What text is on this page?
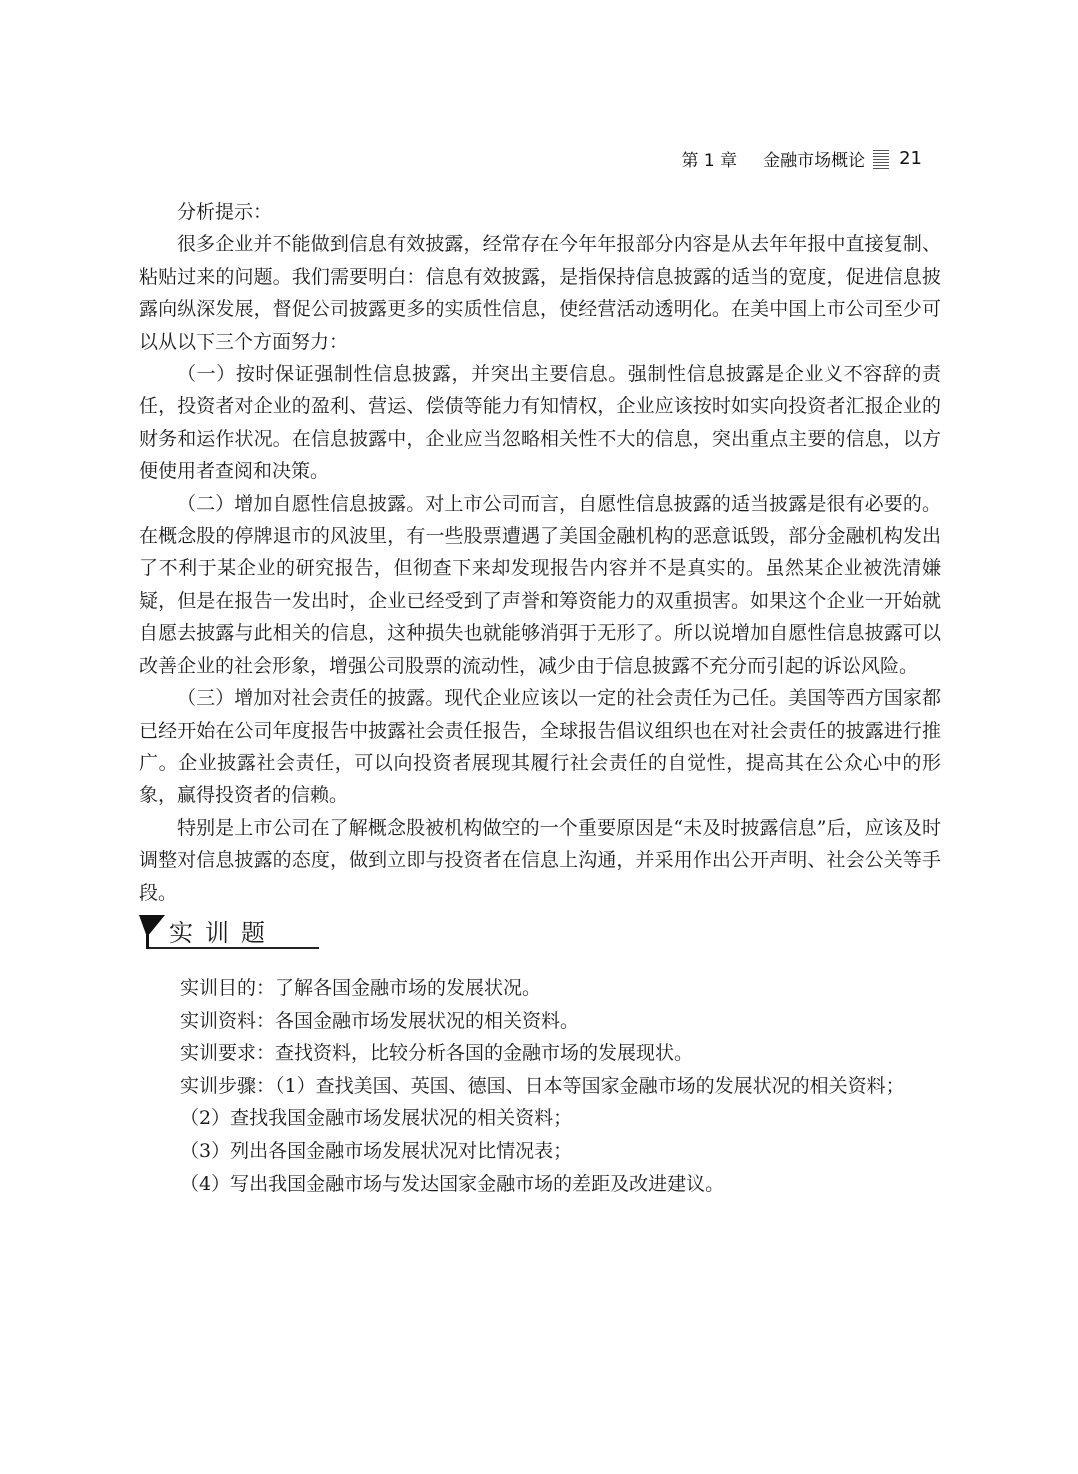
第 1 章 金融市场概论 21

分析提示：

很多企业并不能做到信息有效披露，经常存在今年年报部分内容是从去年年报中直接复制、粘贴过来的问题。我们需要明白：信息有效披露，是指保持信息披露的适当的宽度，促进信息披露向纵深发展，督促公司披露更多的实质性信息，使经营活动透明化。在美中国上市公司至少可以从以下三个方面努力：

（一）按时保证强制性信息披露，并突出主要信息。强制性信息披露是企业义不容辞的责任，投资者对企业的盈利、营运、偿债等能力有知情权，企业应该按时如实向投资者汇报企业的财务和运作状况。在信息披露中，企业应当忽略相关性不大的信息，突出重点主要的信息，以方便使用者查阅和决策。

（二）增加自愿性信息披露。对上市公司而言，自愿性信息披露的适当披露是很有必要的。在概念股的停牌退市的风波里，有一些股票遭遇了美国金融机构的恶意诋毁，部分金融机构发出了不利于某企业的研究报告，但彻查下来却发现报告内容并不是真实的。虽然某企业被洗清嫌疑，但是在报告一发出时，企业已经受到了声誉和筹资能力的双重损害。如果这个企业一开始就自愿去披露与此相关的信息，这种损失也就能够消弭于无形了。所以说增加自愿性信息披露可以改善企业的社会形象，增强公司股票的流动性，减少由于信息披露不充分而引起的诉讼风险。

（三）增加对社会责任的披露。现代企业应该以一定的社会责任为己任。美国等西方国家都已经开始在公司年度报告中披露社会责任报告，全球报告倡议组织也在对社会责任的披露进行推广。企业披露社会责任，可以向投资者展现其履行社会责任的自觉性，提高其在公众心中的形象，赢得投资者的信赖。

特别是上市公司在了解概念股被机构做空的一个重要原因是“未及时披露信息”后，应该及时调整对信息披露的态度，做到立即与投资者在信息上沟通，并采用作出公开声明、社会公关等手段。

实训题
实训目的：了解各国金融市场的发展状况。
实训资料：各国金融市场发展状况的相关资料。
实训要求：查找资料，比较分析各国的金融市场的发展现状。
实训步骤：（1）查找美国、英国、德国、日本等国家金融市场的发展状况的相关资料；
（2）查找我国金融市场发展状况的相关资料；
（3）列出各国金融市场发展状况对比情况表；
（4）写出我国金融市场与发达国家金融市场的差距及改进建议。
